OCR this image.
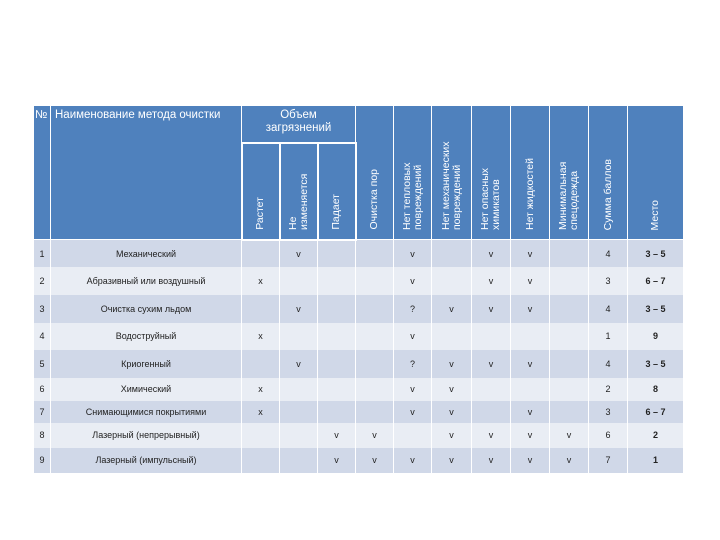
№	Наименование метода очистки	Объем загрязнений			Очистка пор	Нет тепловых повреждений	Нет механических повреждений	Нет опасных химикатов	Нет жидкостей	Минимальная спецодежда	Сумма баллов	Место
		Растет	Не изменяется	Падает								
1	Механический		v			v		v	v		4	3 – 5
2	Абразивный или воздушный	x				v		v	v		3	6 – 7
3	Очистка сухим льдом		v			?	v	v	v		4	3 – 5
4	Водоструйный	x				v					1	9
5	Криогенный		v			?	v	v	v		4	3 – 5
6	Химический	x				v	v				2	8
7	Снимающимися покрытиями	x				v	v		v		3	6 – 7
8	Лазерный (непрерывный)			v	v		v	v	v	v	6	2
9	Лазерный (импульсный)			v	v	v	v	v	v	v	7	1
